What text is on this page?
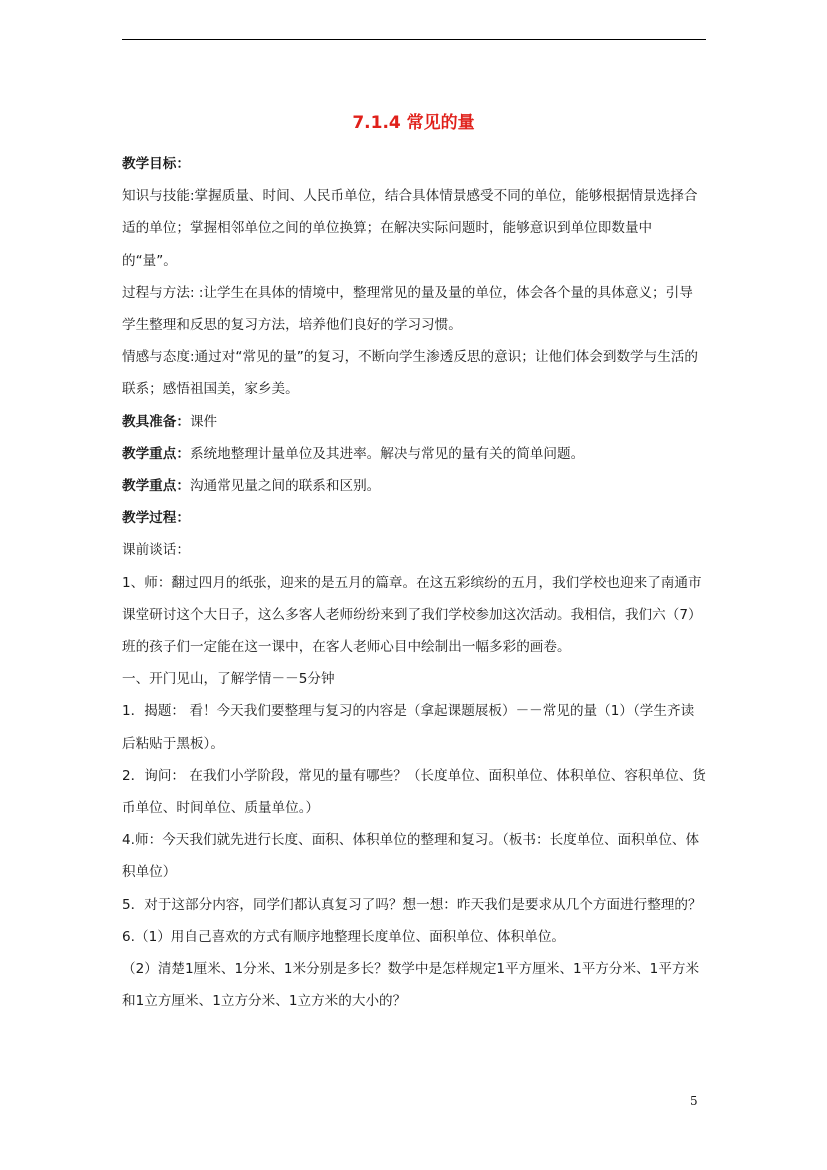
7.1.4 常见的量

教学目标：

知识与技能:掌握质量、时间、人民币单位，结合具体情景感受不同的单位，能够根据情景选择合适的单位；掌握相邻单位之间的单位换算；在解决实际问题时，能够意识到单位即数量中的“量”。

过程与方法: :让学生在具体的情境中，整理常见的量及量的单位，体会各个量的具体意义；引导学生整理和反思的复习方法，培养他们良好的学习习惯。

情感与态度:通过对“常见的量”的复习，不断向学生渗透反思的意识；让他们体会到数学与生活的联系；感悟祖国美，家乡美。

教具准备：课件

教学重点：系统地整理计量单位及其进率。解决与常见的量有关的简单问题。

教学重点：沟通常见量之间的联系和区别。

教学过程：

课前谈话：

1、师：翻过四月的纸张，迎来的是五月的篇章。在这五彩缤纷的五月，我们学校也迎来了南通市课堂研讨这个大日子，这么多客人老师纷纷来到了我们学校参加这次活动。我相信，我们六（7）班的孩子们一定能在这一课中，在客人老师心目中绘制出一幅多彩的画卷。

一、开门见山，了解学情－－5分钟

1．揭题： 看！今天我们要整理与复习的内容是（拿起课题展板）－－常见的量（1）（学生齐读后粘贴于黑板）。

2．询问： 在我们小学阶段，常见的量有哪些？（长度单位、面积单位、体积单位、容积单位、货币单位、时间单位、质量单位。）

4.师：今天我们就先进行长度、面积、体积单位的整理和复习。（板书：长度单位、面积单位、体积单位）

5．对于这部分内容，同学们都认真复习了吗？想一想：昨天我们是要求从几个方面进行整理的？

6.（1）用自己喜欢的方式有顺序地整理长度单位、面积单位、体积单位。

（2）清楚1厘米、1分米、1米分别是多长？数学中是怎样规定1平方厘米、1平方分米、1平方米和1立方厘米、1立方分米、1立方米的大小的？

5
